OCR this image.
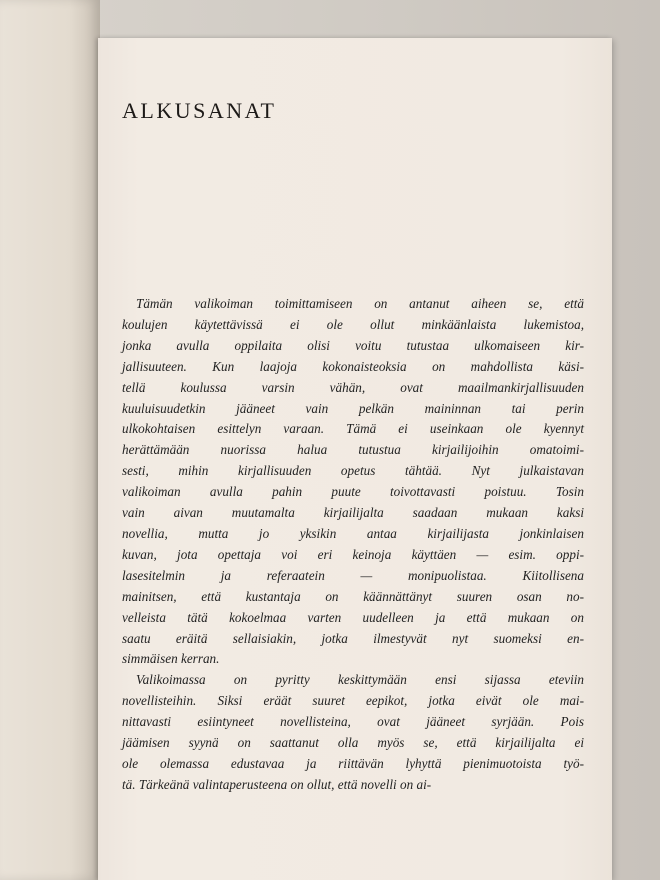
ALKUSANAT

Tämän valikoiman toimittamiseen on antanut aiheen se, että
koulujen käytettävissä ei ole ollut minkäänlaista lukemistoa,
jonka avulla oppilaita olisi voitu tutustaa ulkomaiseen kir-
jallisuuteen. Kun laajoja kokonaisteoksia on mahdollista käsi-
tellä koulussa varsin vähän, ovat maailmankirjallisuuden
kuuluisuudetkin jääneet vain pelkän maininnan tai perin
ulkokohtaisen esittelyn varaan. Tämä ei useinkaan ole kyennyt
herättämään nuorissa halua tutustua kirjailijoihin omatoimi-
sesti, mihin kirjallisuuden opetus tähtää. Nyt julkaistavan
valikoiman avulla pahin puute toivottavasti poistuu. Tosin
vain aivan muutamalta kirjailijalta saadaan mukaan kaksi
novellia, mutta jo yksikin antaa kirjailijasta jonkinlaisen
kuvan, jota opettaja voi eri keinoja käyttäen — esim. oppi-
lasesitelmin ja referaatein — monipuolistaa. Kiitollisena
mainitsen, että kustantaja on käännättänyt suuren osan no-
velleista tätä kokoelmaa varten uudelleen ja että mukaan on
saatu eräitä sellaisiakin, jotka ilmestyvät nyt suomeksi en-
simmäisen kerran.

Valikoimassa on pyritty keskittymään ensi sijassa eteviin
novellisteihin. Siksi eräät suuret eepikot, jotka eivät ole mai-
nittavasti esiintyneet novellisteina, ovat jääneet syrjään. Pois
jäämisen syynä on saattanut olla myös se, että kirjailijalta ei
ole olemassa edustavaa ja riittävän lyhyttä pienimuotoista työ-
tä. Tärkeänä valintaperusteena on ollut, että novelli on ai-
